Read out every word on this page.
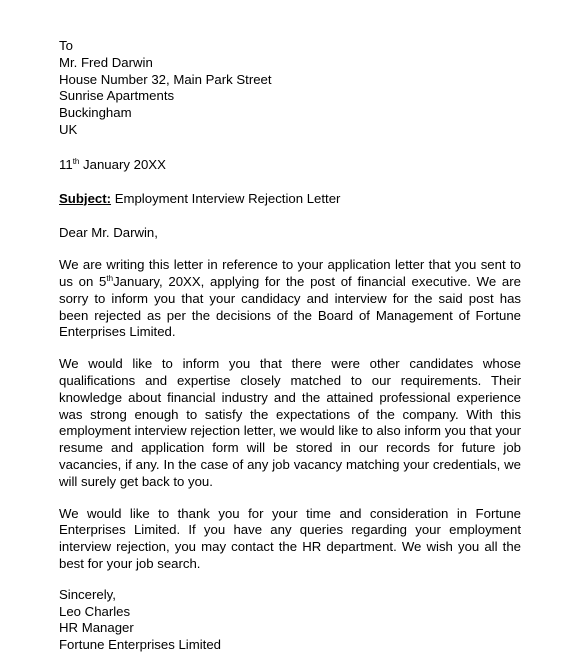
To
Mr. Fred Darwin
House Number 32, Main Park Street
Sunrise Apartments
Buckingham
UK

11th January 20XX

Subject: Employment Interview Rejection Letter

Dear Mr. Darwin,

We are writing this letter in reference to your application letter that you sent to us on 5thJanuary, 20XX, applying for the post of financial executive. We are sorry to inform you that your candidacy and interview for the said post has been rejected as per the decisions of the Board of Management of Fortune Enterprises Limited.

We would like to inform you that there were other candidates whose qualifications and expertise closely matched to our requirements. Their knowledge about financial industry and the attained professional experience was strong enough to satisfy the expectations of the company. With this employment interview rejection letter, we would like to also inform you that your resume and application form will be stored in our records for future job vacancies, if any. In the case of any job vacancy matching your credentials, we will surely get back to you.

We would like to thank you for your time and consideration in Fortune Enterprises Limited. If you have any queries regarding your employment interview rejection, you may contact the HR department. We wish you all the best for your job search.

Sincerely,

Leo Charles
HR Manager
Fortune Enterprises Limited
